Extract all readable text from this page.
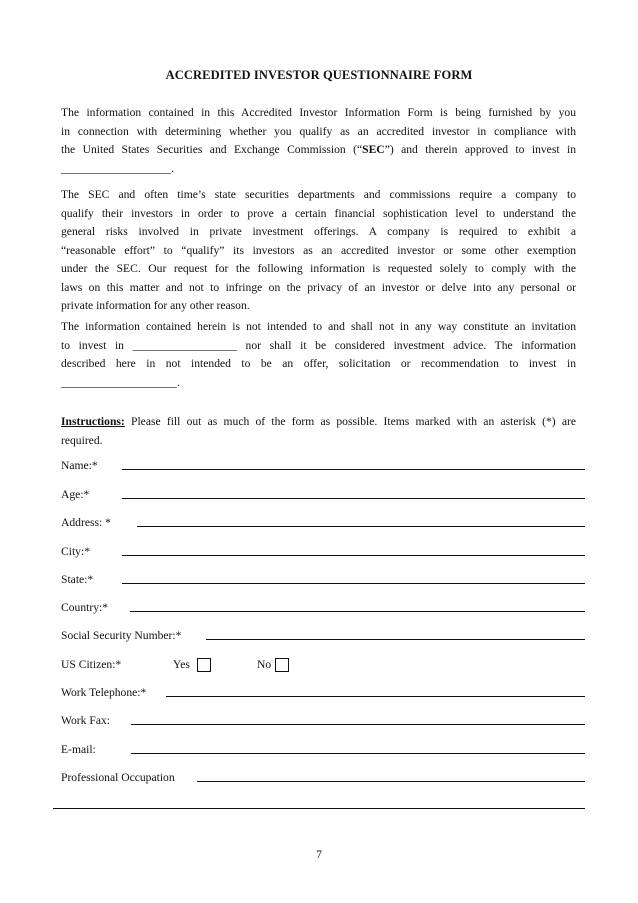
ACCREDITED INVESTOR QUESTIONNAIRE FORM
The information contained in this Accredited Investor Information Form is being furnished by you
in connection with determining whether you qualify as an accredited investor in compliance with
the United States Securities and Exchange Commission (“SEC”) and therein approved to invest in
___________________.
The SEC and often time’s state securities departments and commissions require a company to
qualify their investors in order to prove a certain financial sophistication level to understand the
general risks involved in private investment offerings. A company is required to exhibit a
“reasonable effort” to “qualify” its investors as an accredited investor or some other exemption
under the SEC. Our request for the following information is requested solely to comply with the
laws on this matter and not to infringe on the privacy of an investor or delve into any personal or
private information for any other reason.
The information contained herein is not intended to and shall not in any way constitute an invitation
to invest in __________________ nor shall it be considered investment advice. The information
described here in not intended to be an offer, solicitation or recommendation to invest in
____________________.
Instructions: Please fill out as much of the form as possible. Items marked with an asterisk (*) are
required.
Name:*
Age:*
Address: *
City:*
State:*
Country:*
Social Security Number:*
US Citizen:*	Yes	No
Work Telephone:*
Work Fax:
E-mail:
Professional Occupation
7
